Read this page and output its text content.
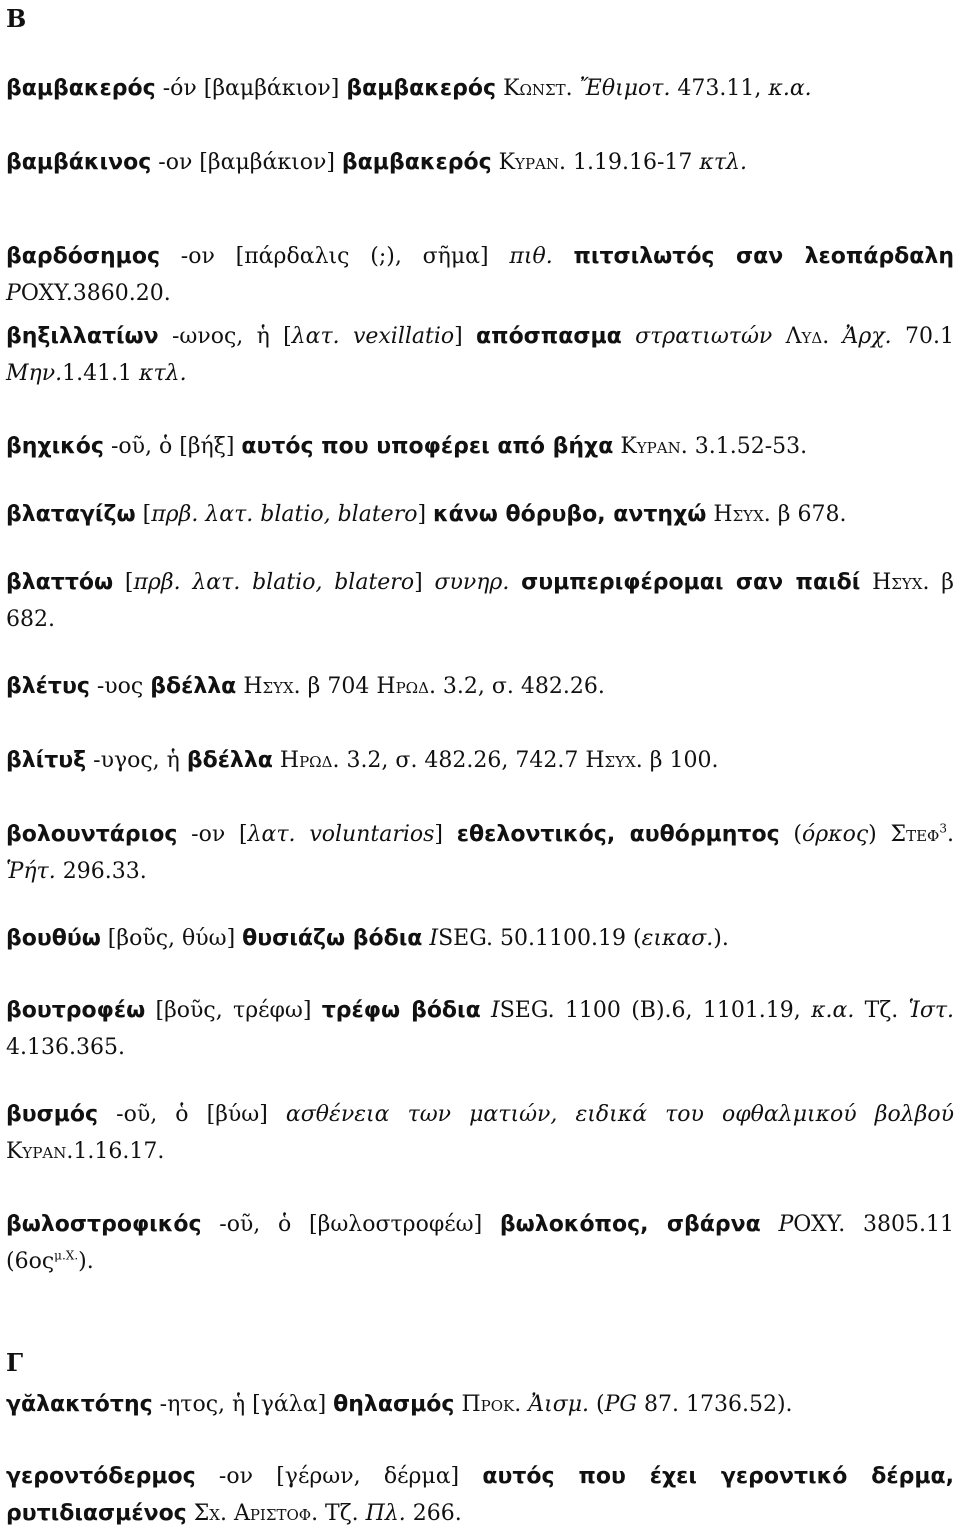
Β

βαμβακερός -όν [βαμβάκιον] βαμβακερός Κωνστ. Ἔθιμοτ. 473.11, κ.α.

βαμβάκινος -ον [βαμβάκιον] βαμβακερός Κυραν. 1.19.16-17 κτλ.

βαρδόσημος -ον [πάρδαλις (;), σῆμα] πιθ. πιτσιλωτός σαν λεοπάρδαλη POXY.3860.20.

βηξιλλατίων -ωνος, ἡ [λατ. vexillatio] απόσπασμα στρατιωτών Λυδ. Ἀρχ. 70.1 Μην.1.41.1 κτλ.

βηχικός -οῦ, ὁ [βήξ] αυτός που υποφέρει από βήχα Κυραν. 3.1.52-53.

βλαταγίζω [πρβ. λατ. blatio, blatero] κάνω θόρυβο, αντηχώ Ησυχ. β 678.

βλαττόω [πρβ. λατ. blatio, blatero] συνηρ. συμπεριφέρομαι σαν παιδί Ησυχ. β 682.

βλέτυς -υος βδέλλα Ησυχ. β 704 Ηρωδ. 3.2, σ. 482.26.

βλίτυξ -υγος, ἡ βδέλλα Ηρωδ. 3.2, σ. 482.26, 742.7 Ησυχ. β 100.

βολουντάριος -ον [λατ. voluntarios] εθελοντικός, αυθόρμητος (όρκος) Στεφ$^3$. Ῥήτ. 296.33.

βουθύω [βοῦς, θύω] θυσιάζω βόδια ISEG. 50.1100.19 (εικασ.).

βουτροφέω [βοῦς, τρέφω] τρέφω βόδια ISEG. 1100 (B).6, 1101.19, κ.α. Τζ. Ἱστ. 4.136.365.

βυσμός -οῦ, ὁ [βύω] ασθένεια των ματιών, ειδικά του οφθαλμικού βολβού Κυραν.1.16.17.

βωλοστροφικός -οῦ, ὁ [βωλοστροφέω] βωλοκόπος, σβάρνα POXY. 3805.11 $(6o\varsigma^{\mu.X.})$.

Γ

γᾰλακτότης -ητος, ἡ [γάλα] θηλασμός Προκ. Ἀισμ. (PG 87. 1736.52).

γεροντόδερμος -ον [γέρων, δέρμα] αυτός που έχει γεροντικό δέρμα, ρυτιδιασμένος Σχ. Αριστοφ. Τζ. Πλ. 266.
